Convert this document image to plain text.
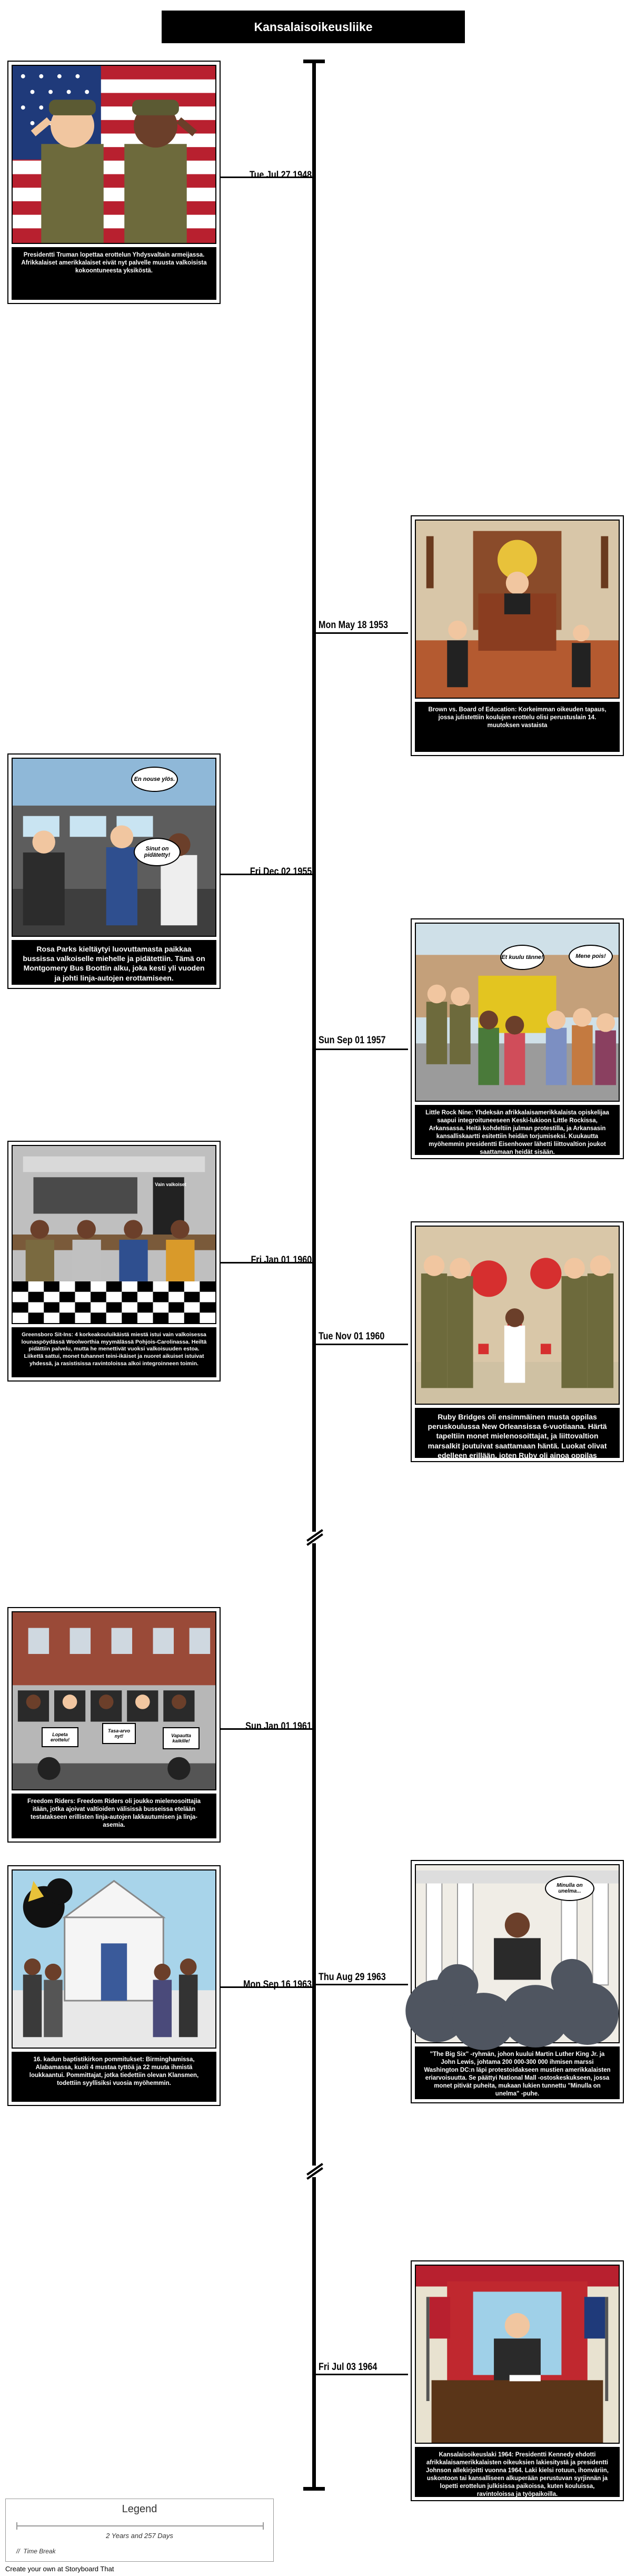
Kansalaisoikeusliike
Tue Jul 27 1948
Mon May 18 1953
Fri Dec 02 1955
Sun Sep 01 1957
Fri Jan 01 1960
Tue Nov 01 1960
Sun Jan 01 1961
Mon Sep 16 1963
Thu Aug 29 1963
Fri Jul 03 1964
Presidentti Truman lopettaa erottelun Yhdysvaltain armeijassa. Afrikkalaiset amerikkalaiset eivät nyt palvelle muusta valkoisista kokoontuneesta yksiköstä.
Brown vs. Board of Education: Korkeimman oikeuden tapaus, jossa julistettiin koulujen erottelu olisi perustuslain 14. muutoksen vastaista
En nouse ylös.
Sinut on pidätetty!
Rosa Parks kieltäytyi luovuttamasta paikkaa bussissa valkoiselle miehelle ja pidätettiin. Tämä on Montgomery Bus Boottin alku, joka kesti yli vuoden ja johti linja-autojen erottamiseen.
Et kuulu tänne!	Mene pois!
Little Rock Nine: Yhdeksän afrikkalaisamerikkalaista opiskelijaa saapui integroituneeseen Keski-lukioon Little Rockissa, Arkansassa. Heitä kohdeltiin julman protestilla, ja Arkansasin kansalliskaartti esitettiin heidän torjumiseksi. Kuukautta myöhemmin presidentti Eisenhower lähetti liittovaltion joukot saattamaan heidät sisään.
Vain valkoiset
Greensboro Sit-Ins: 4 korkeakouluikäistä miestä istui vain valkoisessa lounaspöydässä Woolworthia myymälässä Pohjois-Carolinassa. Heiltä pidättiin palvelu, mutta he menettivät vuoksi valkoisuuden estoa. Liikettä sattui, monet tuhannet teini-ikäiset ja nuoret aikuiset istuivat yhdessä, ja rasistisissa ravintoloissa alkoi integroinneen toimin.
Ruby Bridges oli ensimmäinen musta oppilas peruskoulussa New Orleansissa 6-vuotiaana. Härtä tapeltiin monet mielenosoittajat, ja liittovaltion marsalkit joutuivat saattamaan häntä. Luokat olivat edelleen erillään, joten Ruby oli ainoa oppilas opettajansa luokassa.
Lopeta erottelu!
Tasa-arvo nyt!	Vapautta kaikille!
Freedom Riders: Freedom Riders oli joukko mielenosoittajia itään, jotka ajoivat valtioiden välisissä busseissa etelään testatakseen erillisten linja-autojen lakkautumisen ja linja-asemia.
16. kadun baptistikirkon pommitukset: Birminghamissa, Alabamassa, kuoli 4 mustaa tyttöä ja 22 muuta ihmistä loukkaantui. Pommittajat, jotka tiedettiin olevan Klansmen, todettiin syyllisiksi vuosia myöhemmin.
Minulla on unelma...
"The Big Six" -ryhmän, johon kuului Martin Luther King Jr. ja John Lewis, johtama 200 000-300 000 ihmisen marssi Washington DC:n läpi protestoidakseen mustien amerikkalaisten eriarvoisuutta. Se päättyi National Mall -ostoskeskukseen, jossa monet pitivät puheita, mukaan lukien tunnettu "Minulla on unelma" -puhe.
Kansalaisoikeuslaki 1964: Presidentti Kennedy ehdotti afrikkalaisamerikkalaisten oikeuksien lakiesitystä ja presidentti Johnson allekirjoitti vuonna 1964. Laki kielsi rotuun, ihonväriin, uskontoon tai kansalliseen alkuperään perustuvan syrjinnän ja lopetti erottelun julkisissa paikoissa, kuten kouluissa, ravintoloissa ja työpaikoilla.
Legend
2 Years and 257 Days
//  Time Break
Create your own at Storyboard That
